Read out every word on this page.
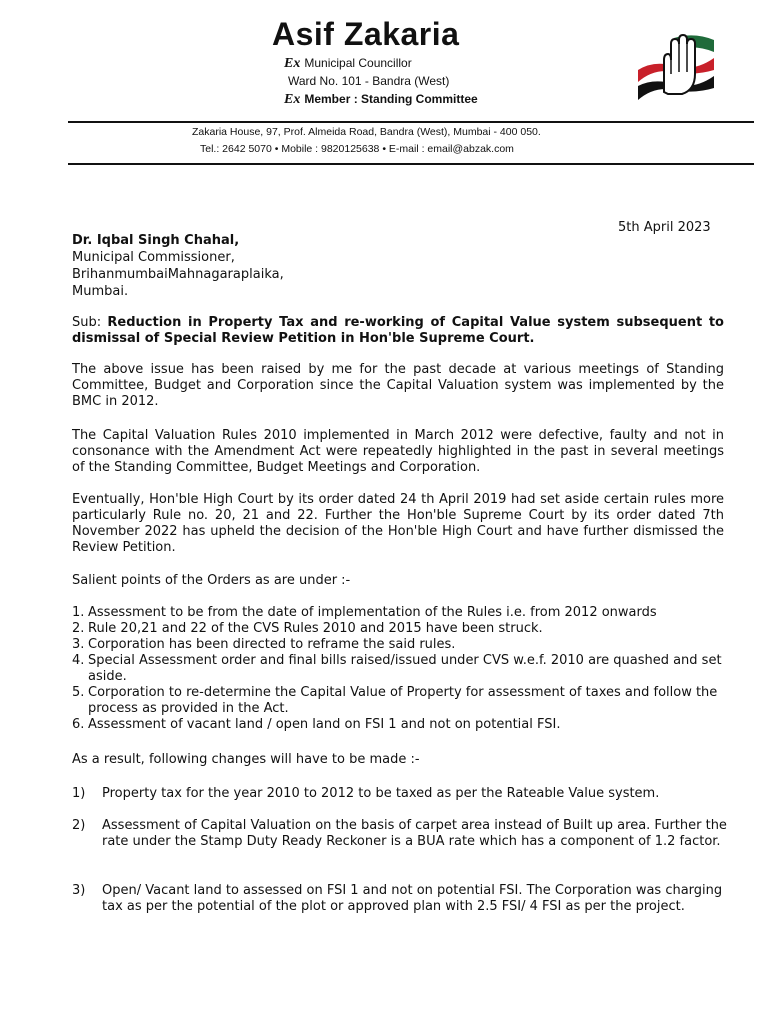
Asif Zakaria
Ex Municipal Councillor
Ward No. 101 - Bandra (West)
Ex Member : Standing Committee
Zakaria House, 97, Prof. Almeida Road, Bandra (West), Mumbai - 400 050.
Tel.: 2642 5070 • Mobile : 9820125638 • E-mail : email@abzak.com
5th April 2023
Dr. Iqbal Singh Chahal,
Municipal Commissioner,
BrihanmumbaiMahnagaraplaika,
Mumbai.
Sub: Reduction in Property Tax and re-working of Capital Value system subsequent to dismissal of Special Review Petition in Hon'ble Supreme Court.
The above issue has been raised by me for the past decade at various meetings of Standing Committee, Budget and Corporation since the Capital Valuation system was implemented by the BMC in 2012.
The Capital Valuation Rules 2010 implemented in March 2012 were defective, faulty and not in consonance with the Amendment Act were repeatedly highlighted in the past in several meetings of the Standing Committee, Budget Meetings and Corporation.
Eventually, Hon'ble High Court by its order dated 24 th April 2019 had set aside certain rules more particularly Rule no. 20, 21 and 22. Further the Hon'ble Supreme Court by its order dated 7th November 2022 has upheld the decision of the Hon'ble High Court and have further dismissed the Review Petition.
Salient points of the Orders as are under :-
1. Assessment to be from the date of implementation of the Rules i.e. from 2012 onwards
2. Rule 20,21 and 22 of the CVS Rules 2010 and 2015 have been struck.
3. Corporation has been directed to reframe the said rules.
4. Special Assessment order and final bills raised/issued under CVS w.e.f. 2010 are quashed and set aside.
5. Corporation to re-determine the Capital Value of Property for assessment of taxes and follow the process as provided in the Act.
6. Assessment of vacant land / open land on FSI 1 and not on potential FSI.
As a result, following changes will have to be made :-
1) Property tax for the year 2010 to 2012 to be taxed as per the Rateable Value system.
2) Assessment of Capital Valuation on the basis of carpet area instead of Built up area. Further the rate under the Stamp Duty Ready Reckoner is a BUA rate which has a component of 1.2 factor.
3) Open/ Vacant land to assessed on FSI 1 and not on potential FSI. The Corporation was charging tax as per the potential of the plot or approved plan with 2.5 FSI/ 4 FSI as per the project.
